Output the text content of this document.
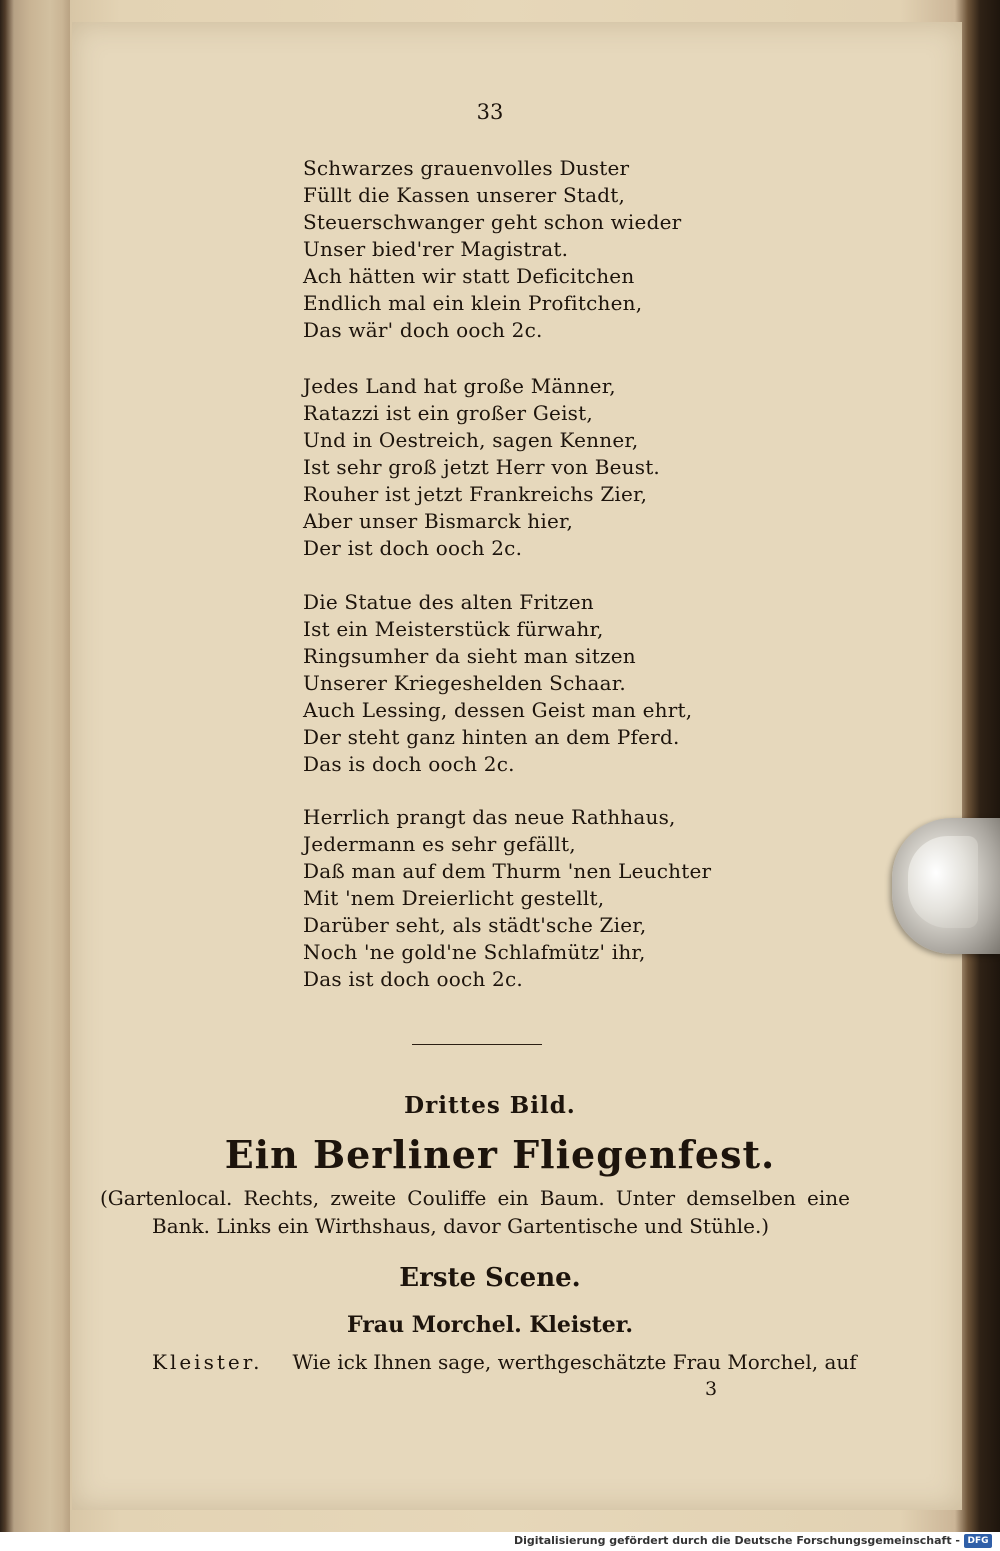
33
Schwarzes grauenvolles Duster
Füllt die Kassen unserer Stadt,
Steuerschwanger geht schon wieder
Unser bied'rer Magistrat.
Ach hätten wir statt Deficitchen
Endlich mal ein klein Profitchen,
Das wär' doch ooch 2c.
Jedes Land hat große Männer,
Ratazzi ist ein großer Geist,
Und in Oestreich, sagen Kenner,
Ist sehr groß jetzt Herr von Beust.
Rouher ist jetzt Frankreichs Zier,
Aber unser Bismarck hier,
Der ist doch ooch 2c.
Die Statue des alten Fritzen
Ist ein Meisterstück fürwahr,
Ringsumher da sieht man sitzen
Unserer Kriegeshelden Schaar.
Auch Lessing, dessen Geist man ehrt,
Der steht ganz hinten an dem Pferd.
Das is doch ooch 2c.
Herrlich prangt das neue Rathhaus,
Jedermann es sehr gefällt,
Daß man auf dem Thurm 'nen Leuchter
Mit 'nem Dreierlicht gestellt,
Darüber seht, als städt'sche Zier,
Noch 'ne gold'ne Schlafmütz' ihr,
Das ist doch ooch 2c.
Drittes Bild.
Ein Berliner Fliegenfest.
(Gartenlocal. Rechts, zweite Couliffe ein Baum. Unter demselben eine
Bank. Links ein Wirthshaus, davor Gartentische und Stühle.)
Erste Scene.
Frau Morchel. Kleister.
Kleister. Wie ick Ihnen sage, werthgeschätzte Frau Morchel, auf
3
Digitalisierung gefördert durch die Deutsche Forschungsgemeinschaft - DFG
